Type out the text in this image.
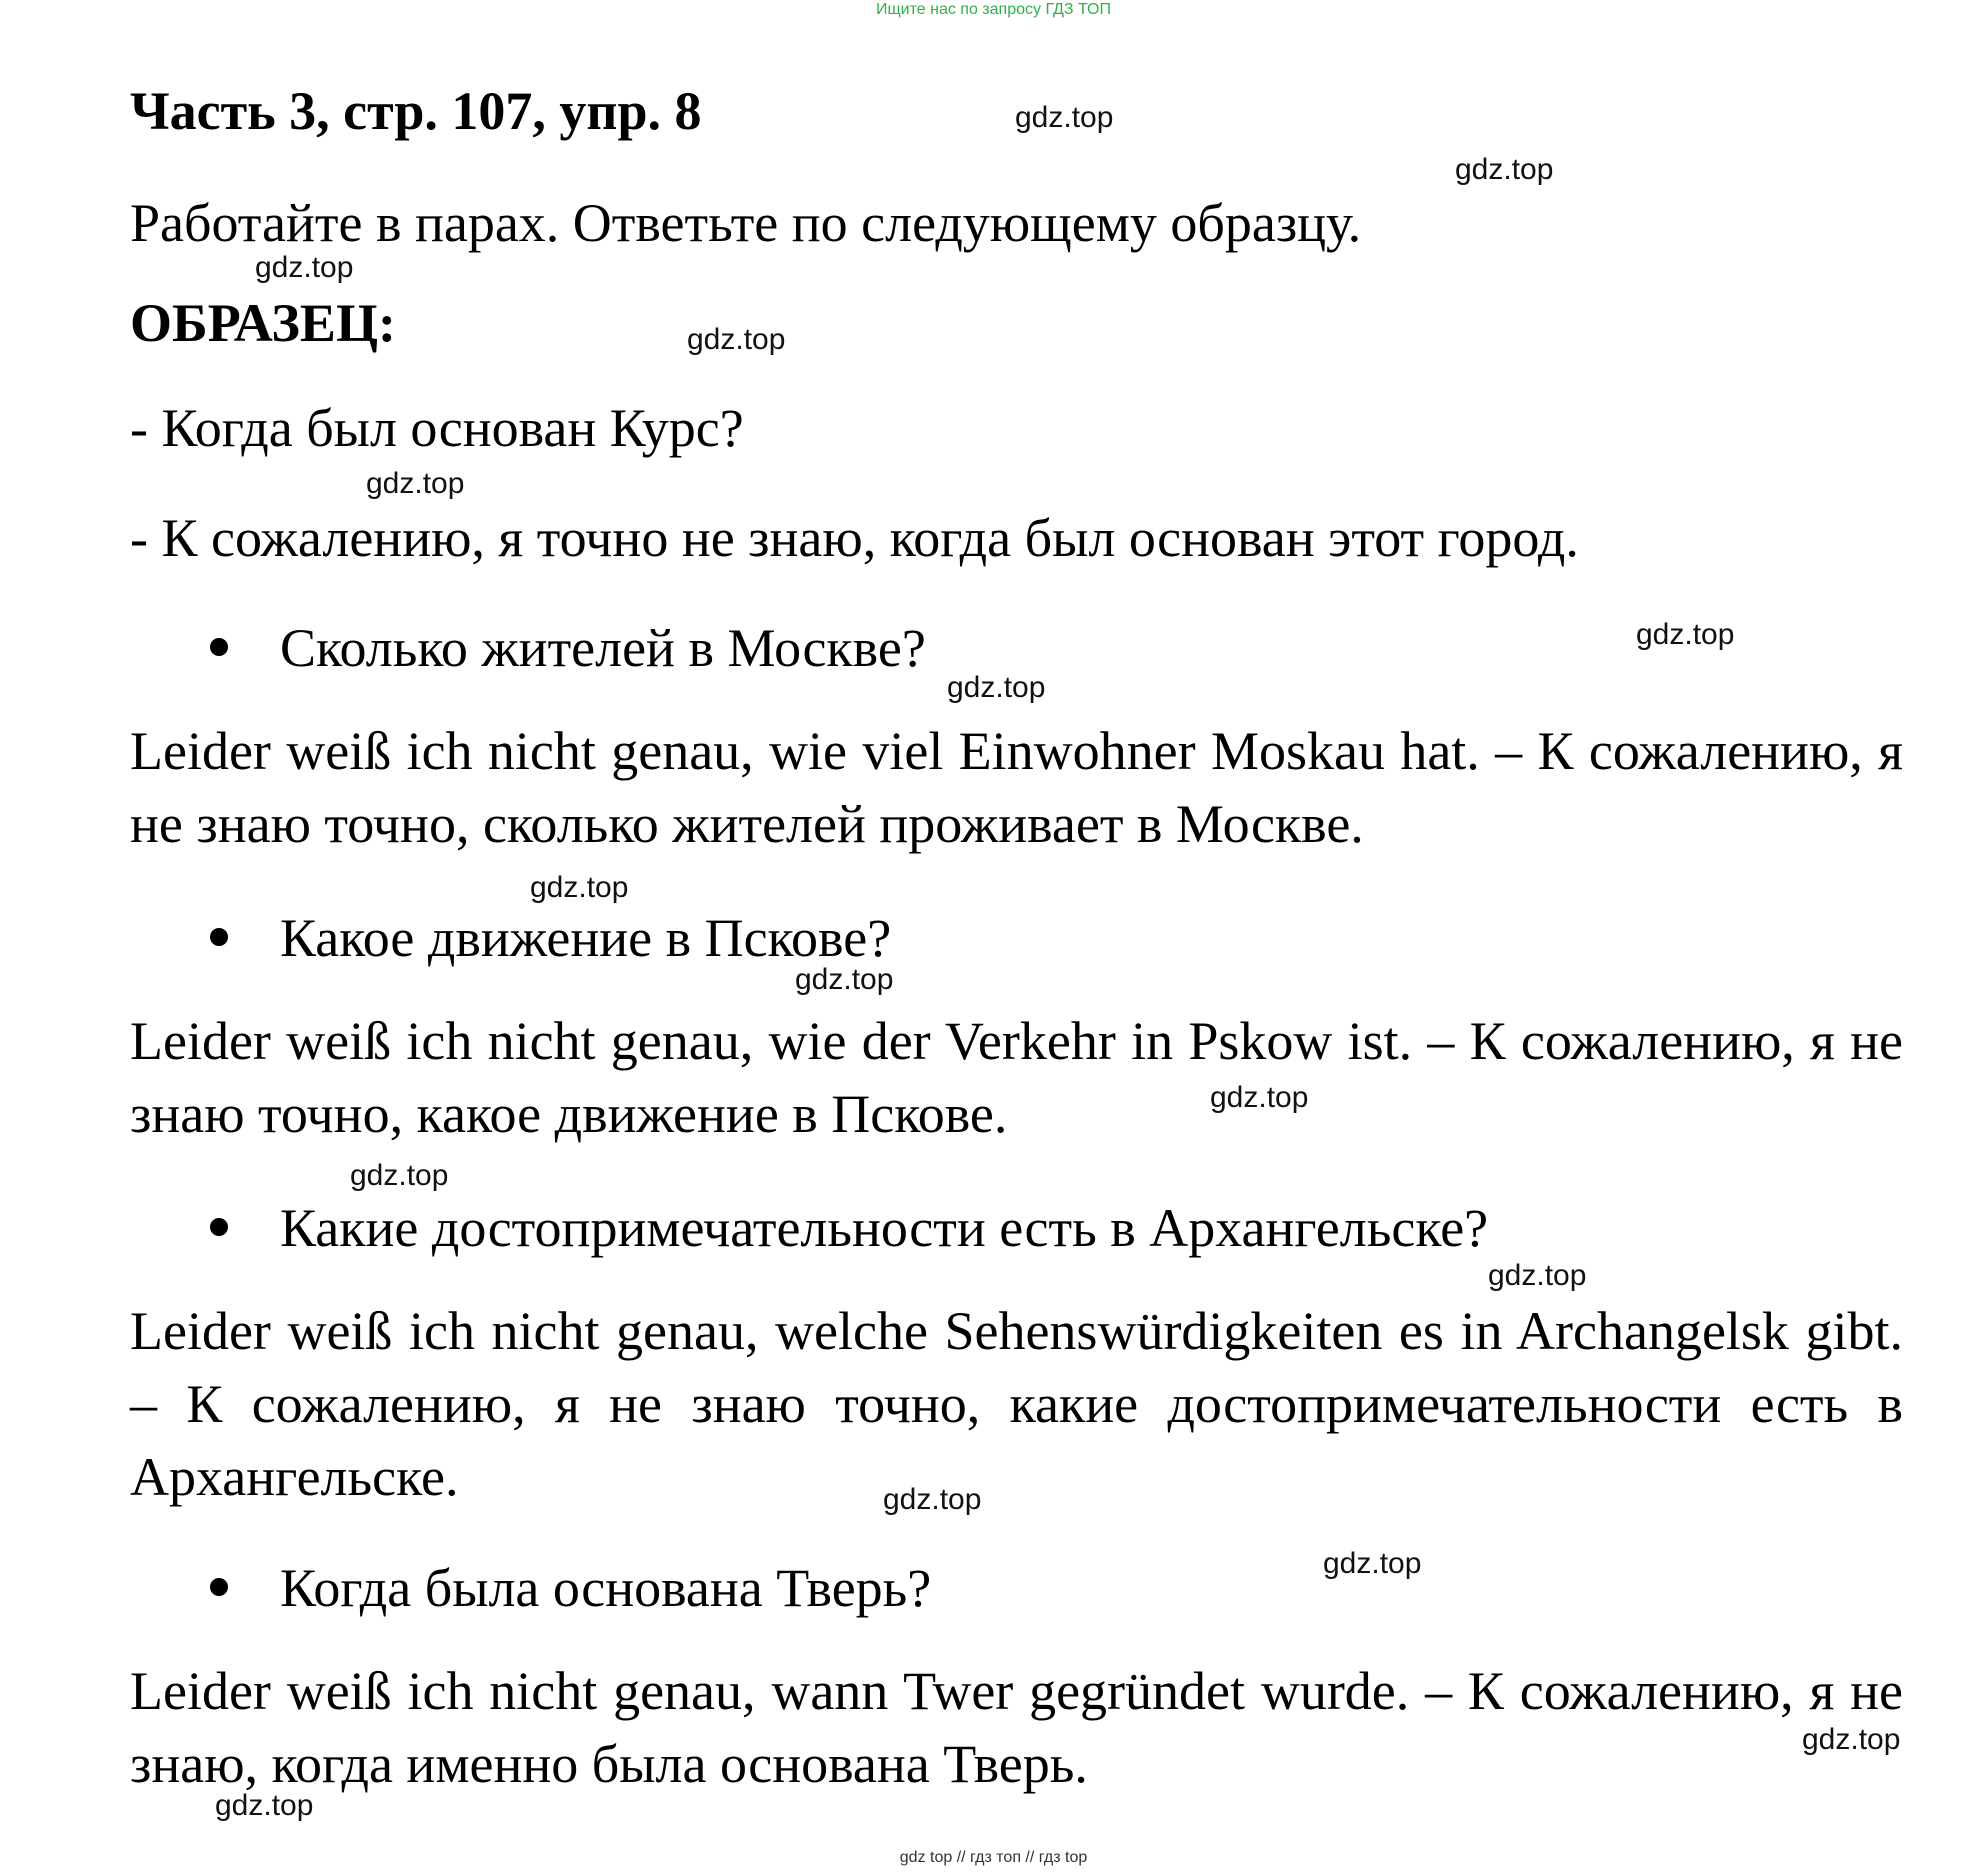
Ищите нас по запросу ГДЗ ТОП
Часть 3, стр. 107, упр. 8
Работайте в парах. Ответьте по следующему образцу.
ОБРАЗЕЦ:
- Когда был основан Курс?
- К сожалению, я точно не знаю, когда был основан этот город.
Сколько жителей в Москве?
Leider weiß ich nicht genau, wie viel Einwohner Moskau hat. – К сожалению, я не знаю точно, сколько жителей проживает в Москве.
Какое движение в Пскове?
Leider weiß ich nicht genau, wie der Verkehr in Pskow ist. – К сожалению, я не знаю точно, какое движение в Пскове.
Какие достопримечательности есть в Архангельске?
Leider weiß ich nicht genau, welche Sehenswürdigkeiten es in Archangelsk gibt. – К сожалению, я не знаю точно, какие достопримечательности есть в Архангельске.
Когда была основана Тверь?
Leider weiß ich nicht genau, wann Twer gegründet wurde. – К сожалению, я не знаю, когда именно была основана Тверь.
gdz.top
gdz.top
gdz.top
gdz.top
gdz.top
gdz.top
gdz.top
gdz.top
gdz.top
gdz.top
gdz.top
gdz.top
gdz.top
gdz.top
gdz.top
gdz.top
gdz top // гдз топ // гдз top
